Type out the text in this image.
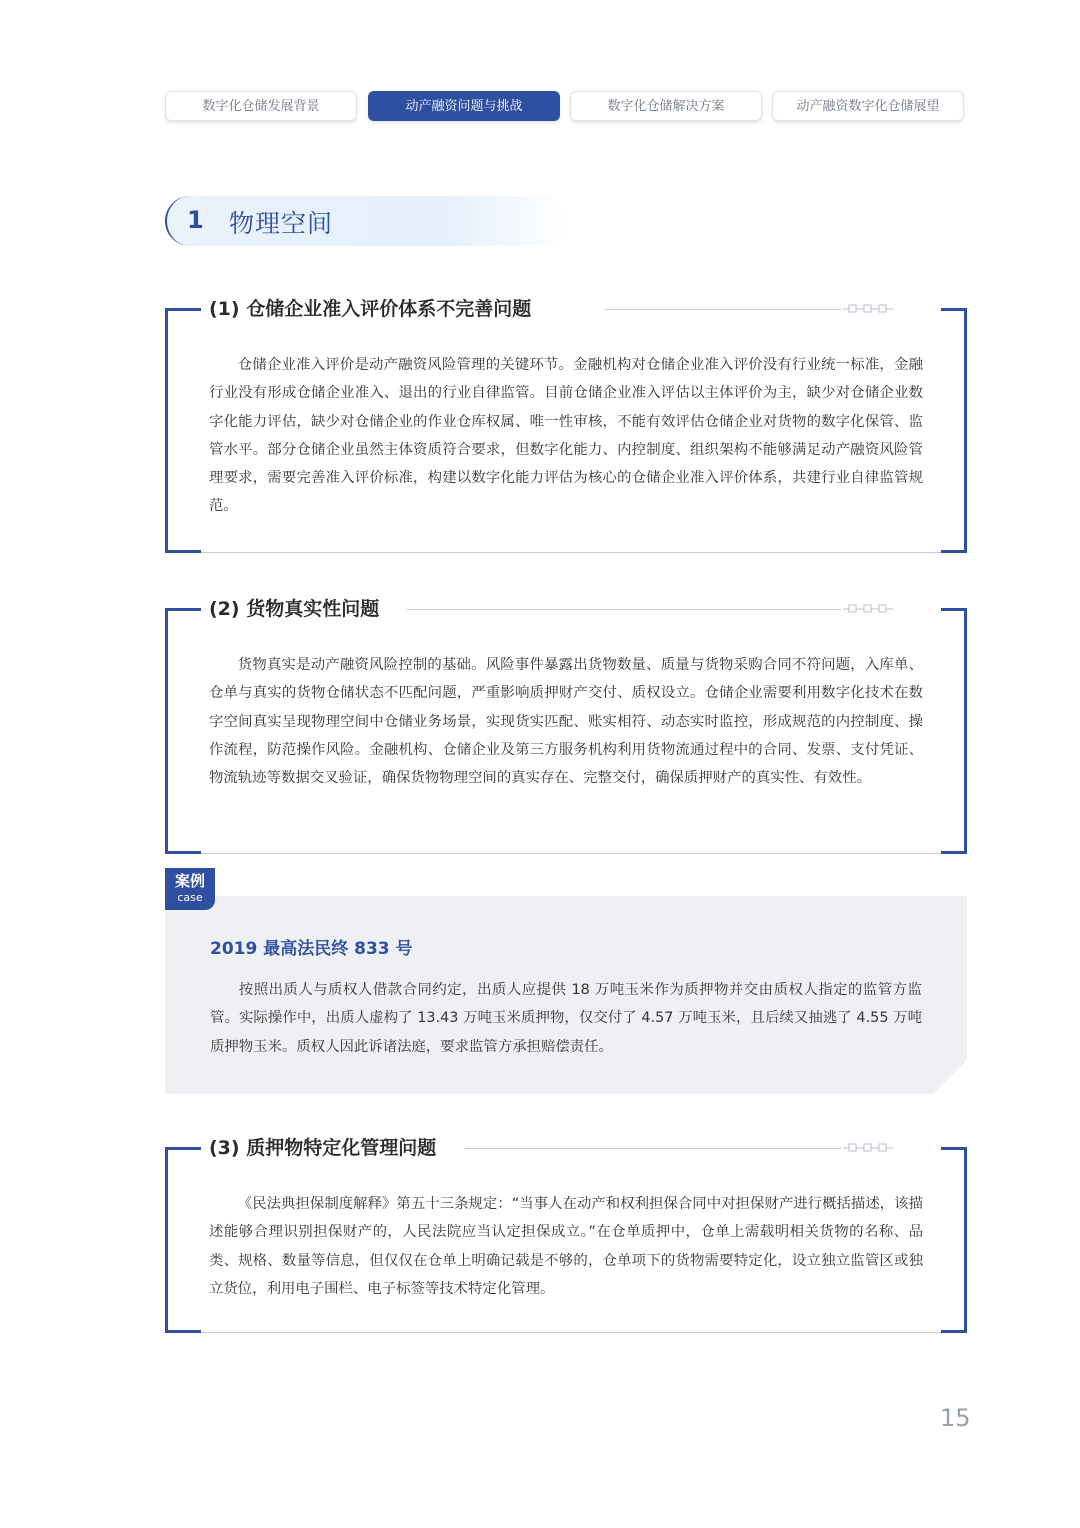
数字化仓储发展背景	动产融资问题与挑战	数字化仓储解决方案	动产融资数字化仓储展望
1 物理空间
(1) 仓储企业准入评价体系不完善问题
仓储企业准入评价是动产融资风险管理的关键环节。金融机构对仓储企业准入评价没有行业统一标准，金融行业没有形成仓储企业准入、退出的行业自律监管。目前仓储企业准入评估以主体评价为主，缺少对仓储企业数字化能力评估，缺少对仓储企业的作业仓库权属、唯一性审核，不能有效评估仓储企业对货物的数字化保管、监管水平。部分仓储企业虽然主体资质符合要求，但数字化能力、内控制度、组织架构不能够满足动产融资风险管理要求，需要完善准入评价标准，构建以数字化能力评估为核心的仓储企业准入评价体系，共建行业自律监管规范。
(2) 货物真实性问题
货物真实是动产融资风险控制的基础。风险事件暴露出货物数量、质量与货物采购合同不符问题，入库单、仓单与真实的货物仓储状态不匹配问题，严重影响质押财产交付、质权设立。仓储企业需要利用数字化技术在数字空间真实呈现物理空间中仓储业务场景，实现货实匹配、账实相符、动态实时监控，形成规范的内控制度、操作流程，防范操作风险。金融机构、仓储企业及第三方服务机构利用货物流通过程中的合同、发票、支付凭证、物流轨迹等数据交叉验证，确保货物物理空间的真实存在、完整交付，确保质押财产的真实性、有效性。
案例
case
2019 最高法民终 833 号
按照出质人与质权人借款合同约定，出质人应提供 18 万吨玉米作为质押物并交由质权人指定的监管方监管。实际操作中，出质人虚构了 13.43 万吨玉米质押物，仅交付了 4.57 万吨玉米，且后续又抽逃了 4.55 万吨质押物玉米。质权人因此诉诸法庭，要求监管方承担赔偿责任。
(3) 质押物特定化管理问题
《民法典担保制度解释》第五十三条规定：“当事人在动产和权利担保合同中对担保财产进行概括描述，该描述能够合理识别担保财产的，人民法院应当认定担保成立。”在仓单质押中，仓单上需载明相关货物的名称、品类、规格、数量等信息，但仅仅在仓单上明确记载是不够的，仓单项下的货物需要特定化，设立独立监管区或独立货位，利用电子围栏、电子标签等技术特定化管理。
15
